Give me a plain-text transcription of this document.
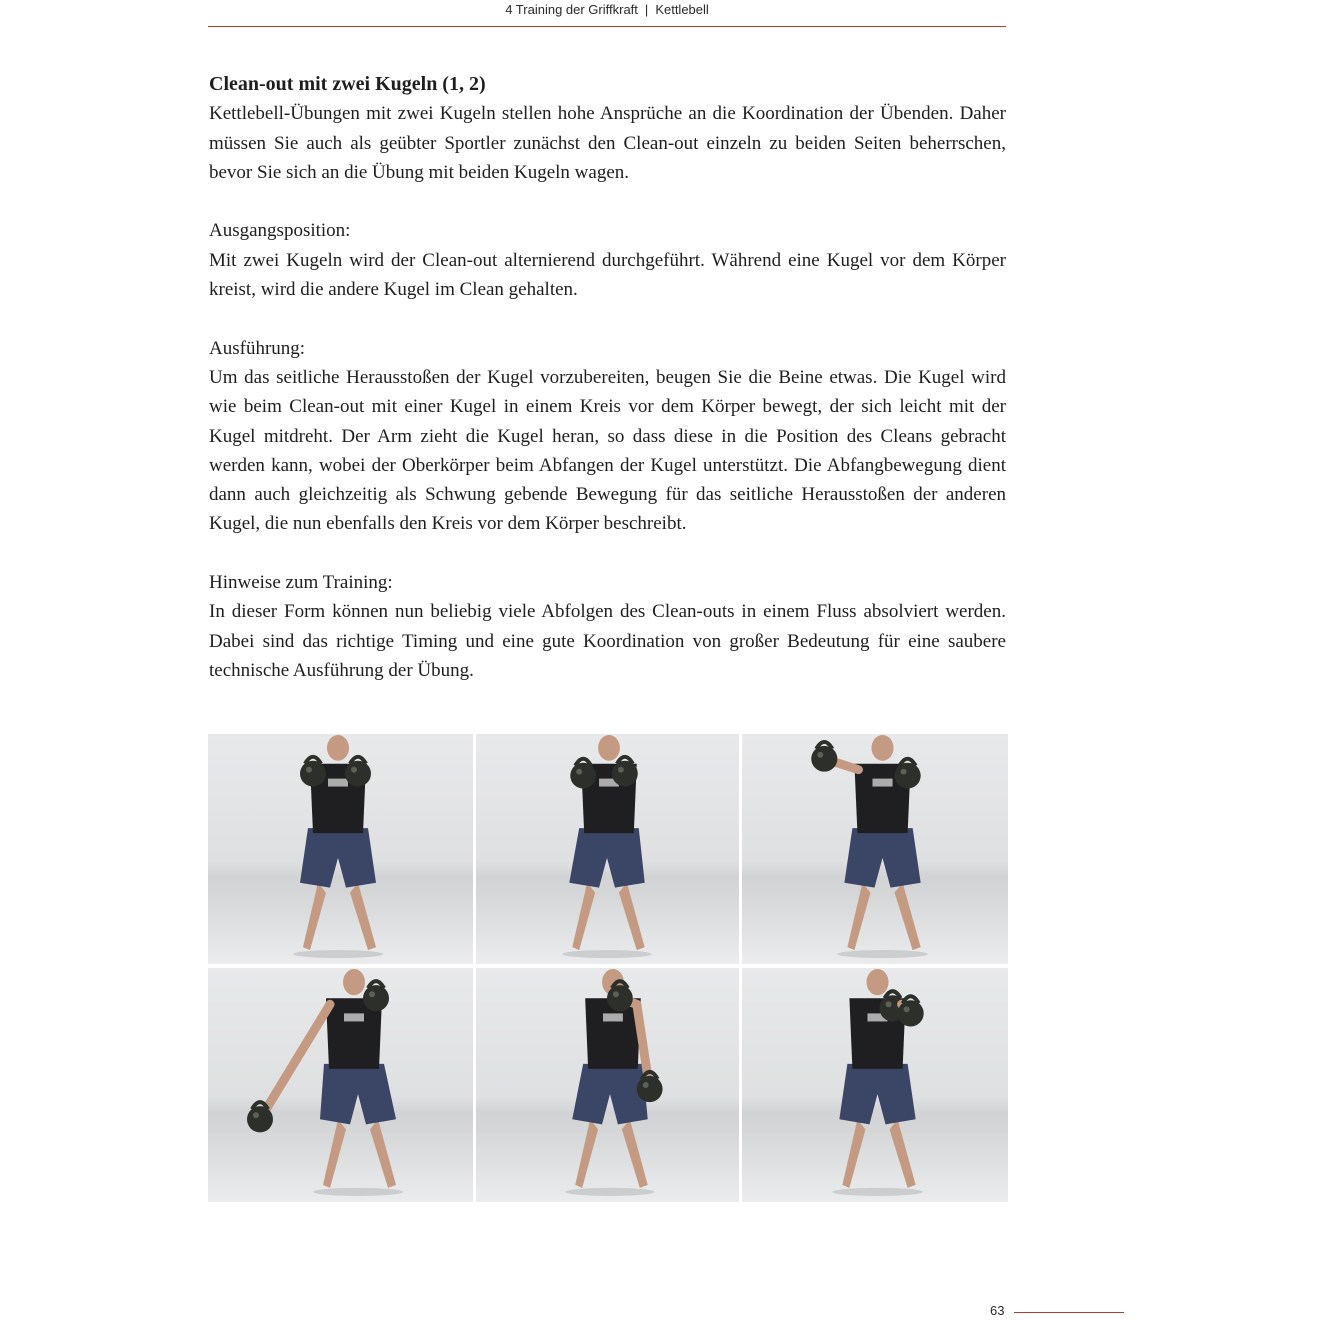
4 Training der Griffkraft | Kettlebell
Clean-out mit zwei Kugeln (1, 2)

Kettlebell-Übungen mit zwei Kugeln stellen hohe Ansprüche an die Koordination der Übenden. Daher müssen Sie auch als geübter Sportler zunächst den Clean-out einzeln zu beiden Seiten beherrschen, bevor Sie sich an die Übung mit beiden Kugeln wagen.

Ausgangsposition:

Mit zwei Kugeln wird der Clean-out alternierend durchgeführt. Während eine Kugel vor dem Körper kreist, wird die andere Kugel im Clean gehalten.

Ausführung:

Um das seitliche Herausstoßen der Kugel vorzubereiten, beugen Sie die Beine etwas. Die Kugel wird wie beim Clean-out mit einer Kugel in einem Kreis vor dem Körper bewegt, der sich leicht mit der Kugel mitdreht. Der Arm zieht die Kugel heran, so dass diese in die Position des Cleans gebracht werden kann, wobei der Oberkörper beim Abfangen der Kugel unterstützt. Die Abfangbewegung dient dann auch gleichzeitig als Schwung gebende Bewegung für das seitliche Herausstoßen der anderen Kugel, die nun ebenfalls den Kreis vor dem Körper beschreibt.

Hinweise zum Training:

In dieser Form können nun beliebig viele Abfolgen des Clean-outs in einem Fluss absolviert werden. Dabei sind das richtige Timing und eine gute Koordination von großer Bedeutung für eine saubere technische Ausführung der Übung.

63
